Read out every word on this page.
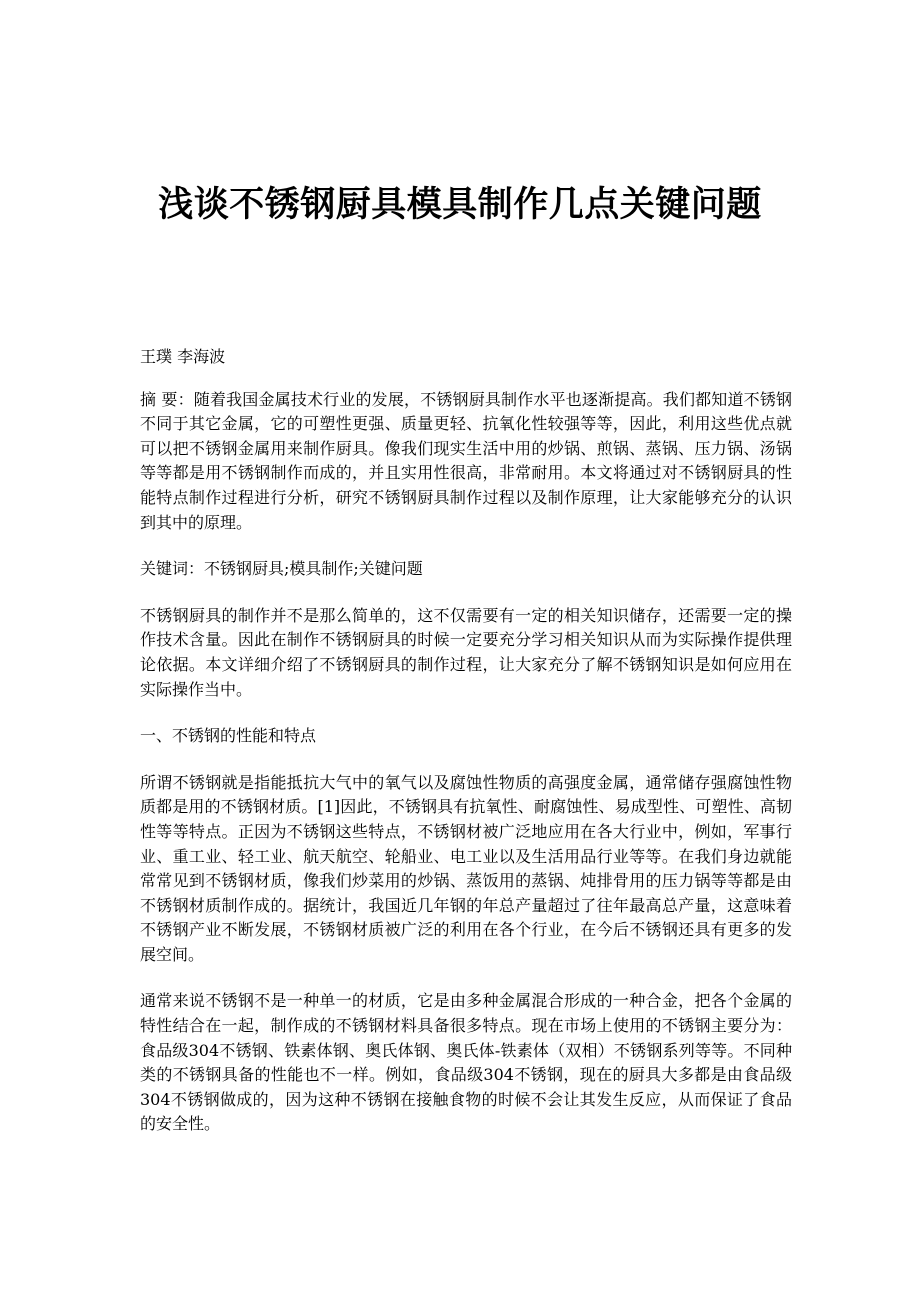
浅谈不锈钢厨具模具制作几点关键问题

王璞 李海波

摘 要：随着我国金属技术行业的发展，不锈钢厨具制作水平也逐渐提高。我们都知道不锈钢不同于其它金属，它的可塑性更强、质量更轻、抗氧化性较强等等，因此，利用这些优点就可以把不锈钢金属用来制作厨具。像我们现实生活中用的炒锅、煎锅、蒸锅、压力锅、汤锅等等都是用不锈钢制作而成的，并且实用性很高，非常耐用。本文将通过对不锈钢厨具的性能特点制作过程进行分析，研究不锈钢厨具制作过程以及制作原理，让大家能够充分的认识到其中的原理。

关键词：不锈钢厨具;模具制作;关键问题

不锈钢厨具的制作并不是那么简单的，这不仅需要有一定的相关知识储存，还需要一定的操作技术含量。因此在制作不锈钢厨具的时候一定要充分学习相关知识从而为实际操作提供理论依据。本文详细介绍了不锈钢厨具的制作过程，让大家充分了解不锈钢知识是如何应用在实际操作当中。

一、不锈钢的性能和特点

所谓不锈钢就是指能抵抗大气中的氧气以及腐蚀性物质的高强度金属，通常储存强腐蚀性物质都是用的不锈钢材质。[1]因此，不锈钢具有抗氧性、耐腐蚀性、易成型性、可塑性、高韧性等等特点。正因为不锈钢这些特点，不锈钢材被广泛地应用在各大行业中，例如，军事行业、重工业、轻工业、航天航空、轮船业、电工业以及生活用品行业等等。在我们身边就能常常见到不锈钢材质，像我们炒菜用的炒锅、蒸饭用的蒸锅、炖排骨用的压力锅等等都是由不锈钢材质制作成的。据统计，我国近几年钢的年总产量超过了往年最高总产量，这意味着不锈钢产业不断发展，不锈钢材质被广泛的利用在各个行业，在今后不锈钢还具有更多的发展空间。

通常来说不锈钢不是一种单一的材质，它是由多种金属混合形成的一种合金，把各个金属的特性结合在一起，制作成的不锈钢材料具备很多特点。现在市场上使用的不锈钢主要分为：食品级304不锈钢、铁素体钢、奥氏体钢、奥氏体-铁素体（双相）不锈钢系列等等。不同种类的不锈钢具备的性能也不一样。例如，食品级304不锈钢，现在的厨具大多都是由食品级304不锈钢做成的，因为这种不锈钢在接触食物的时候不会让其发生反应，从而保证了食品的安全性。
